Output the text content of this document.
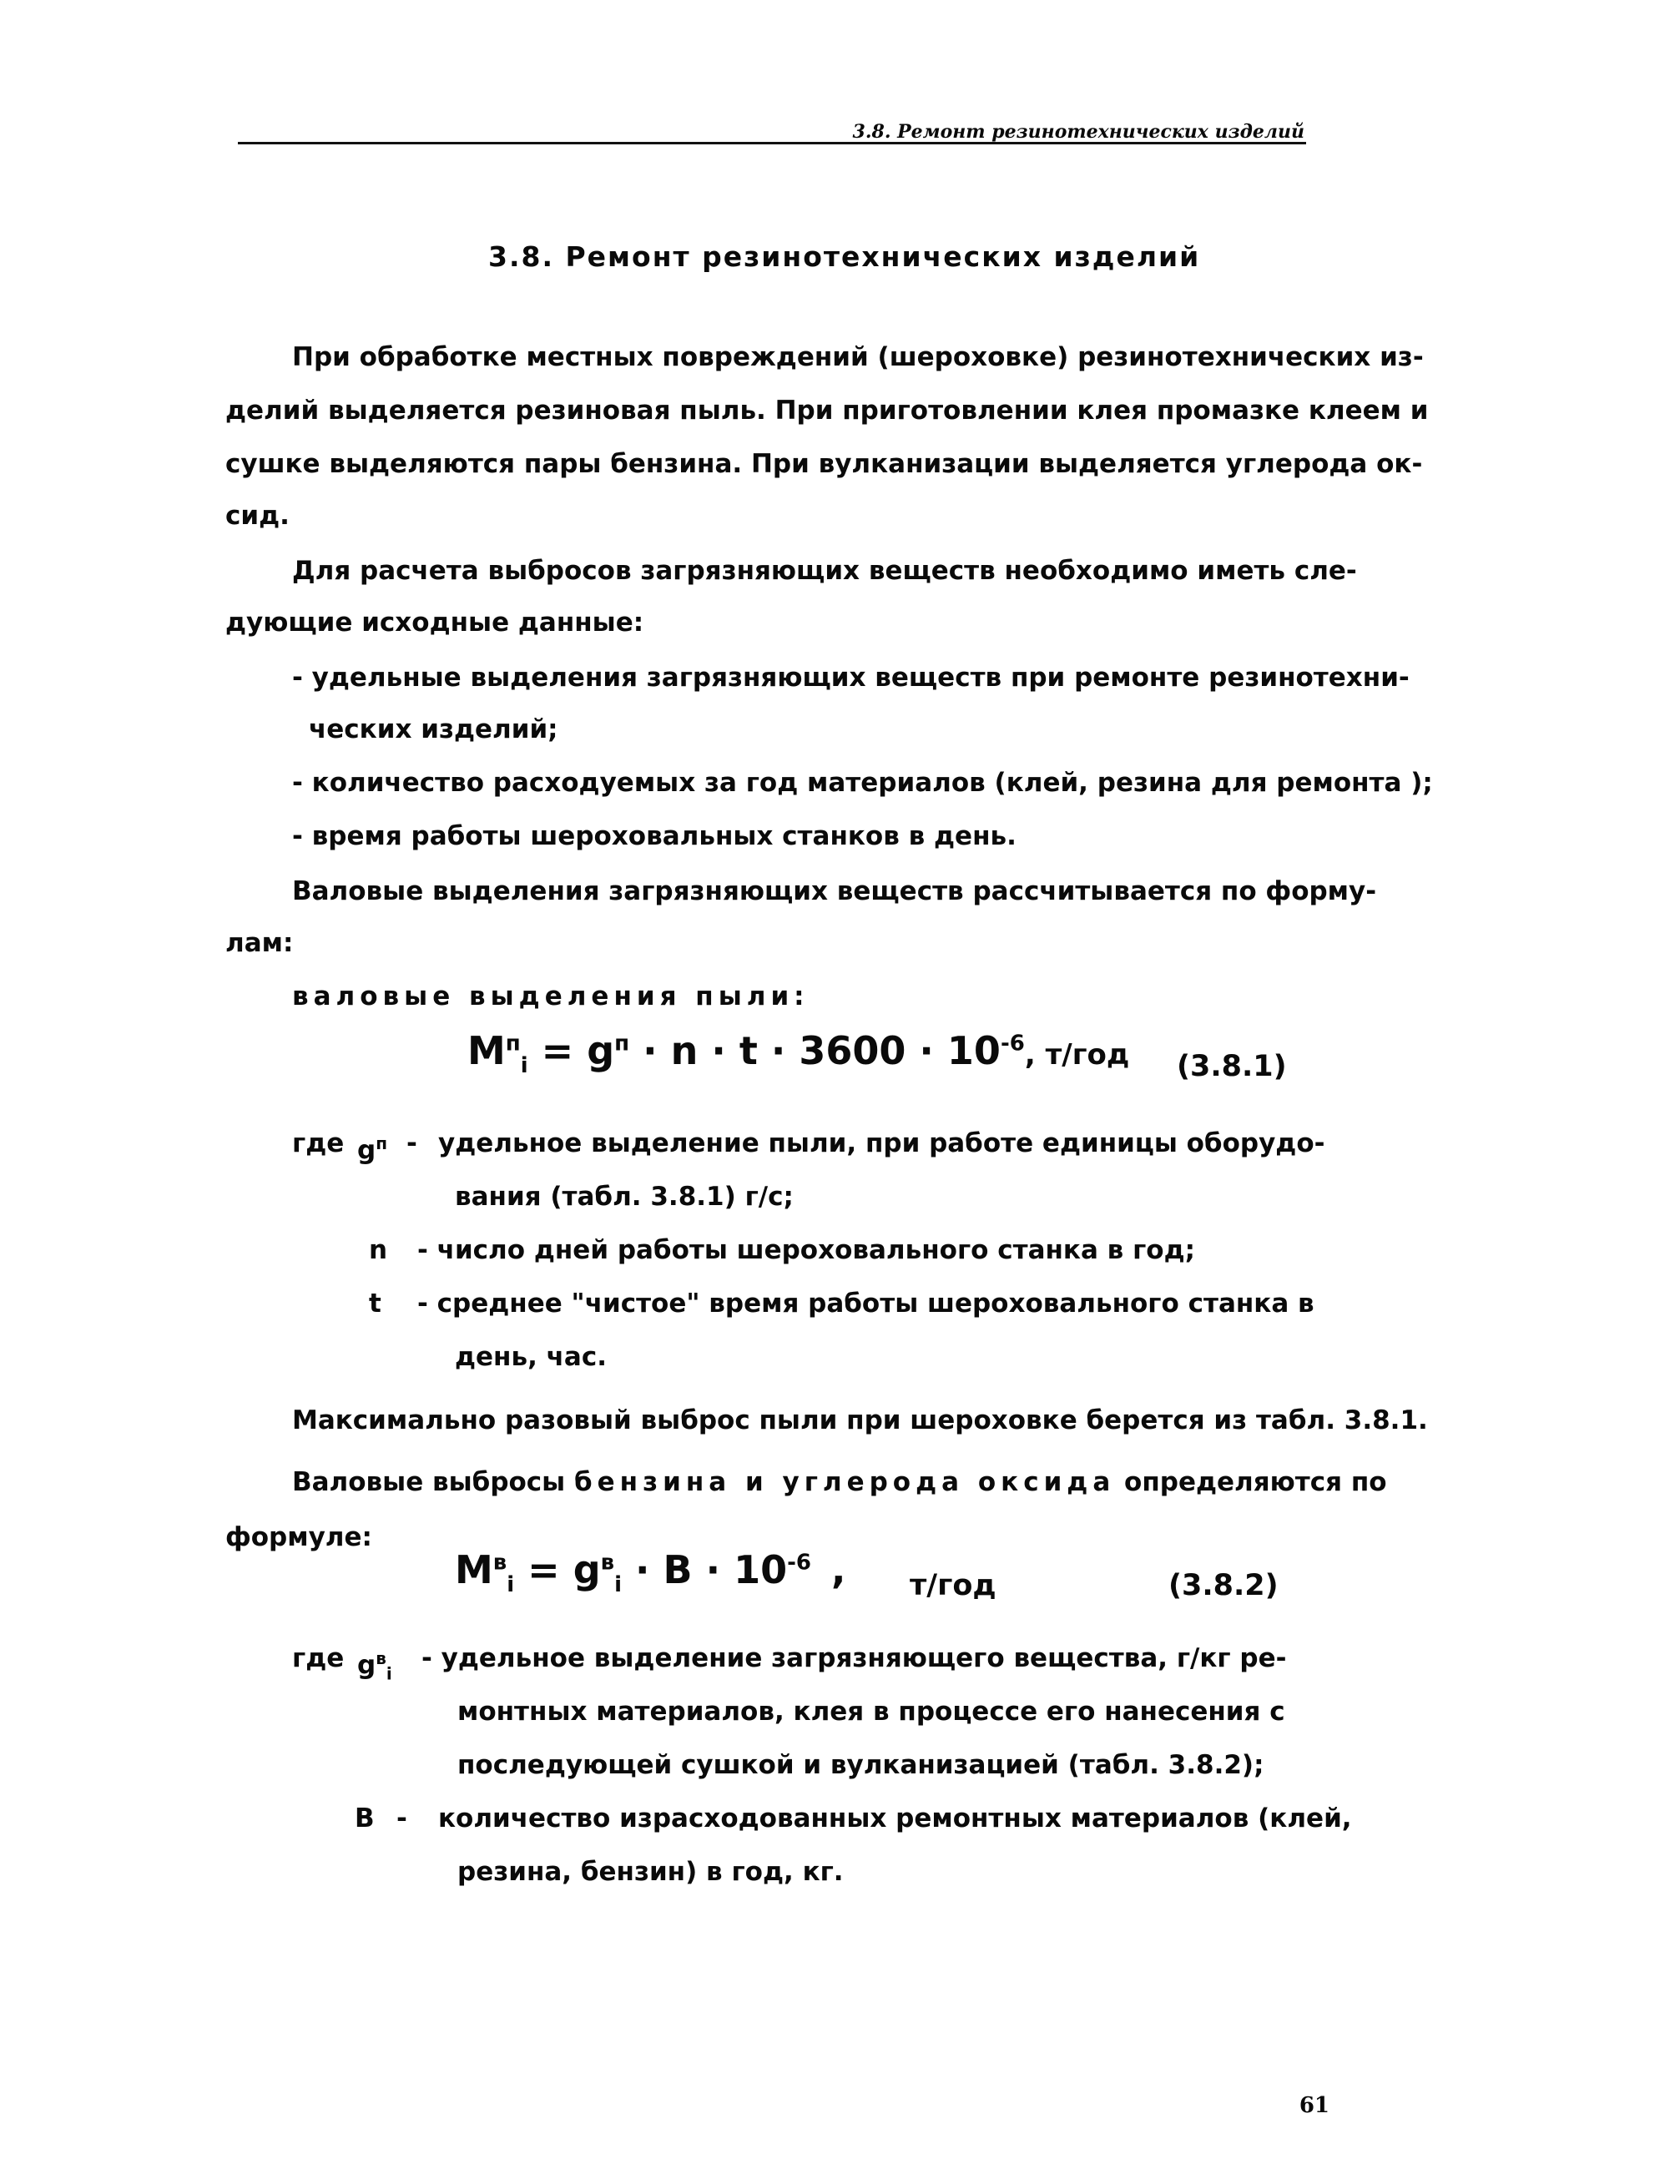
3.8. Ремонт резинотехнических изделий
3.8. Ремонт резинотехнических изделий
При обработке местных повреждений (шероховке) резинотехнических из-
делий выделяется резиновая пыль. При приготовлении клея промазке клеем и
сушке выделяются пары бензина. При вулканизации выделяется углерода ок-
сид.
Для расчета выбросов загрязняющих веществ необходимо иметь сле-
дующие исходные данные:
- удельные выделения загрязняющих веществ при ремонте резинотехни-
ческих изделий;
- количество расходуемых за год материалов (клей, резина для ремонта );
- время работы шероховальных станков в день.
Валовые выделения загрязняющих веществ рассчитывается по форму-
лам:
валовые выделения пыли:
$M^п_i = g^п \cdot n \cdot t \cdot 3600 \cdot 10^{-6}$, т/год (3.8.1)
где $g^п$ - удельное выделение пыли, при работе единицы оборудо-
вания (табл. 3.8.1) г/с;
n - число дней работы шероховального станка в год;
t - среднее "чистое" время работы шероховального станка в
день, час.
Максимально разовый выброс пыли при шероховке берется из табл. 3.8.1.
Валовые выбросы бензина и углерода оксида определяются по
формуле:
$M^в_i = g^в_i \cdot B \cdot 10^{-6}$ , т/год	(3.8.2)
где $g^в_i$
- удельное выделение загрязняющего вещества, г/кг ре-
монтных материалов, клея в процессе его нанесения с
последующей сушкой и вулканизацией (табл. 3.8.2);
В - количество израсходованных ремонтных материалов (клей,
резина, бензин) в год, кг.
61
